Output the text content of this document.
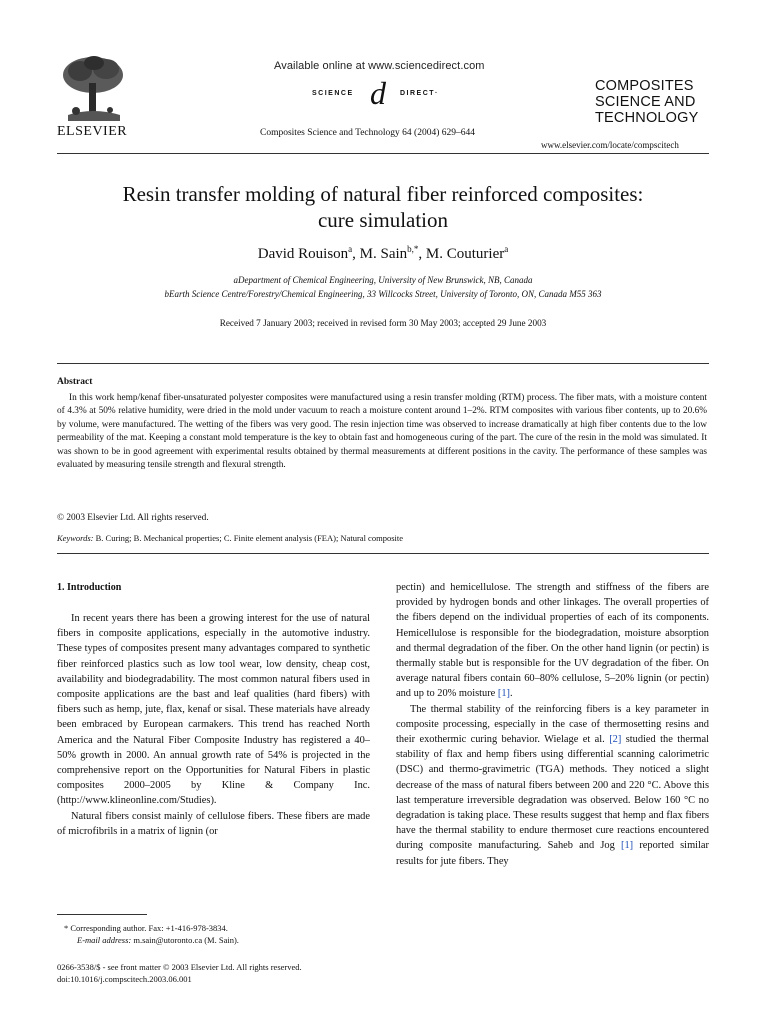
ELSEVIER
Available online at www.sciencedirect.com
SCIENCE d DIRECT·
Composites Science and Technology 64 (2004) 629–644
COMPOSITES
SCIENCE AND
TECHNOLOGY
www.elsevier.com/locate/compscitech
Resin transfer molding of natural fiber reinforced composites:
cure simulation
David Rouison$^a$, M. Sain$^{b,*}$, M. Couturier$^a$
aDepartment of Chemical Engineering, University of New Brunswick, NB, Canada
bEarth Science Centre/Forestry/Chemical Engineering, 33 Willcocks Street, University of Toronto, ON, Canada M55 363
Received 7 January 2003; received in revised form 30 May 2003; accepted 29 June 2003
Abstract
In this work hemp/kenaf fiber-unsaturated polyester composites were manufactured using a resin transfer molding (RTM) process. The fiber mats, with a moisture content of 4.3% at 50% relative humidity, were dried in the mold under vacuum to reach a moisture content around 1–2%. RTM composites with various fiber contents, up to 20.6% by volume, were manufactured. The wetting of the fibers was very good. The resin injection time was observed to increase dramatically at high fiber contents due to the low permeability of the mat. Keeping a constant mold temperature is the key to obtain fast and homogeneous curing of the part. The cure of the resin in the mold was simulated. It was shown to be in good agreement with experimental results obtained by thermal measurements at different positions in the cavity. The performance of these samples was evaluated by measuring tensile strength and flexural strength.
© 2003 Elsevier Ltd. All rights reserved.
Keywords: B. Curing; B. Mechanical properties; C. Finite element analysis (FEA); Natural composite
1. Introduction

In recent years there has been a growing interest for the use of natural fibers in composite applications, especially in the automotive industry. These types of composites present many advantages compared to synthetic fiber reinforced plastics such as low tool wear, low density, cheap cost, availability and biodegradability. The most common natural fibers used in composite applications are the bast and leaf qualities (hard fibers) with fibers such as hemp, jute, flax, kenaf or sisal. These materials have already been embraced by European carmakers. This trend has reached North America and the Natural Fiber Composite Industry has registered a 40–50% growth in 2000. An annual growth rate of 54% is projected in the comprehensive report on the Opportunities for Natural Fibers in plastic composites 2000–2005 by Kline & Company Inc. (http://www.klineonline.com/Studies).

Natural fibers consist mainly of cellulose fibers. These fibers are made of microfibrils in a matrix of lignin (or

pectin) and hemicellulose. The strength and stiffness of the fibers are provided by hydrogen bonds and other linkages. The overall properties of the fibers depend on the individual properties of each of its components. Hemicellulose is responsible for the biodegradation, moisture absorption and thermal degradation of the fiber. On the other hand lignin (or pectin) is thermally stable but is responsible for the UV degradation of the fiber. On average natural fibers contain 60–80% cellulose, 5–20% lignin (or pectin) and up to 20% moisture [1].

The thermal stability of the reinforcing fibers is a key parameter in composite processing, especially in the case of thermosetting resins and their exothermic curing behavior. Wielage et al. [2] studied the thermal stability of flax and hemp fibers using differential scanning calorimetric (DSC) and thermo-gravimetric (TGA) methods. They noticed a slight decrease of the mass of natural fibers between 200 and 220 °C. Above this last temperature irreversible degradation was observed. Below 160 °C no degradation is taking place. These results suggest that hemp and flax fibers have the thermal stability to endure thermoset cure reactions encountered during composite manufacturing. Saheb and Jog [1] reported similar results for jute fibers. They

* Corresponding author. Fax: +1-416-978-3834.
E-mail address: m.sain@utoronto.ca (M. Sain).
0266-3538/$ - see front matter © 2003 Elsevier Ltd. All rights reserved.
doi:10.1016/j.compscitech.2003.06.001
